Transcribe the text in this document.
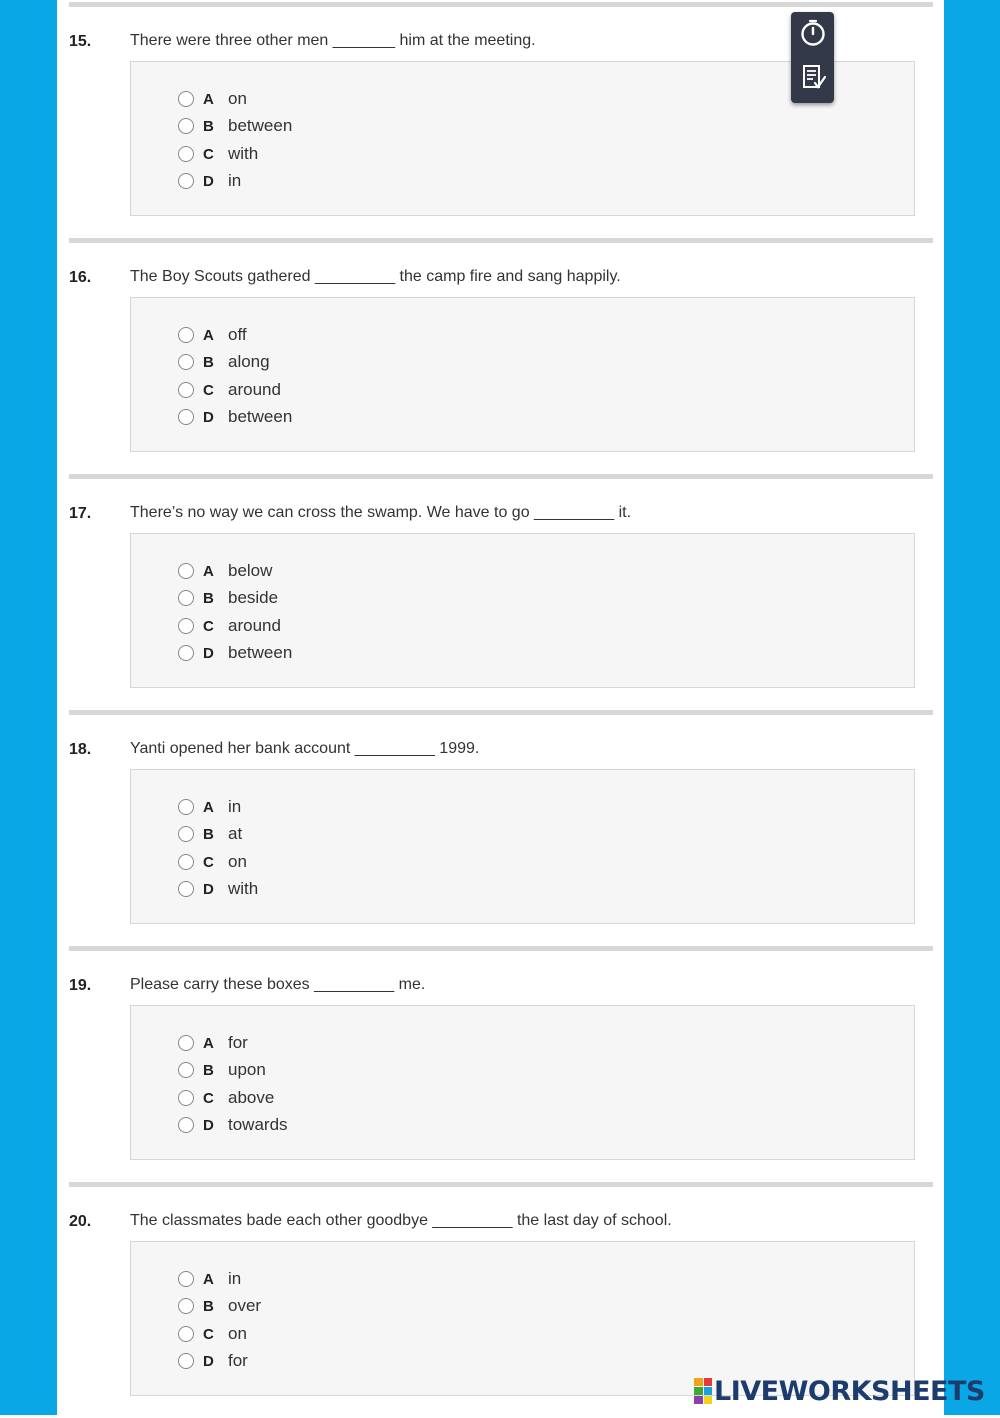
15. There were three other men _______ him at the meeting.
A on
B between
C with
D in
16. The Boy Scouts gathered _________ the camp fire and sang happily.
A off
B along
C around
D between
17. There’s no way we can cross the swamp. We have to go _________ it.
A below
B beside
C around
D between
18. Yanti opened her bank account _________ 1999.
A in
B at
C on
D with
19. Please carry these boxes _________ me.
A for
B upon
C above
D towards
20. The classmates bade each other goodbye _________ the last day of school.
A in
B over
C on
D for
LIVEWORKSHEETS
